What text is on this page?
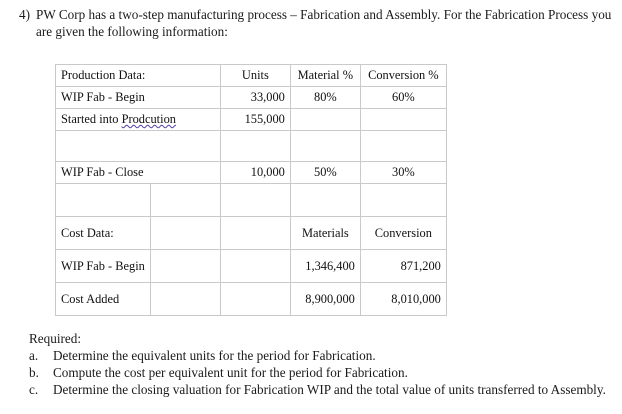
4) PW Corp has a two-step manufacturing process – Fabrication and Assembly. For the Fabrication Process you are given the following information:
Production Data:		Units	Material %	Conversion %
WIP Fab - Begin		33,000	80%	60%
Started into Prodcution		155,000		

WIP Fab - Close		10,000	50%	30%

Cost Data:			Materials	Conversion
WIP Fab - Begin			1,346,400	871,200
Cost Added			8,900,000	8,010,000
Required:
a.	Determine the equivalent units for the period for Fabrication.
b.	Compute the cost per equivalent unit for the period for Fabrication.
c.	Determine the closing valuation for Fabrication WIP and the total value of units transferred to Assembly.
